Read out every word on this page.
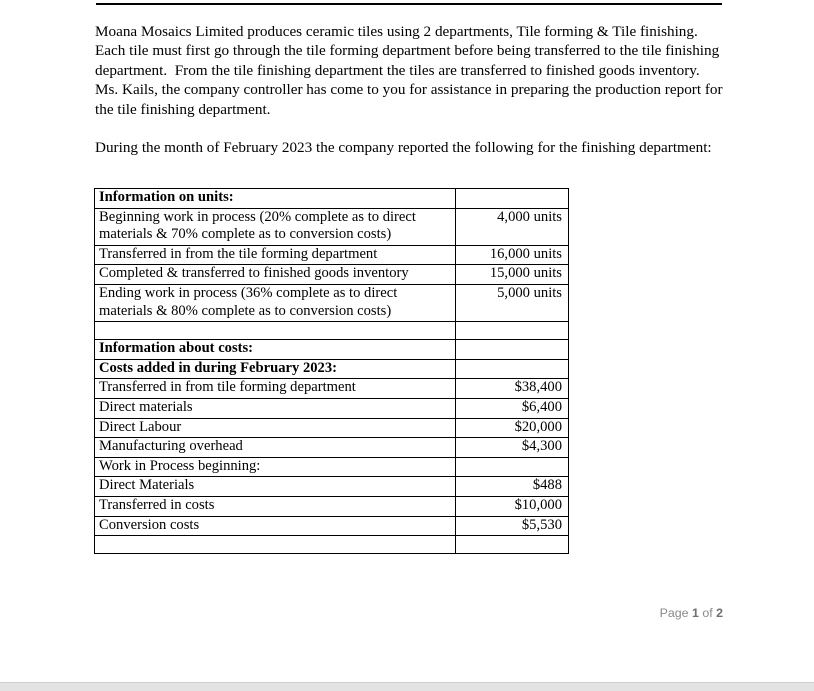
Moana Mosaics Limited produces ceramic tiles using 2 departments, Tile forming & Tile finishing.  Each tile must first go through the tile forming department before being transferred to the tile finishing department.  From the tile finishing department the tiles are transferred to finished goods inventory.  Ms. Kails, the company controller has come to you for assistance in preparing the production report for the tile finishing department.

During the month of February 2023 the company reported the following for the finishing department:

Information on units:	
Beginning work in process (20% complete as to direct materials & 70% complete as to conversion costs)	4,000 units
Transferred in from the tile forming department	16,000 units
Completed & transferred to finished goods inventory	15,000 units
Ending work in process (36% complete as to direct materials & 80% complete as to conversion costs)	5,000 units

Information about costs:	
Costs added in during February 2023:	
Transferred in from tile forming department	$38,400
Direct materials	$6,400
Direct Labour	$20,000
Manufacturing overhead	$4,300
Work in Process beginning:	
Direct Materials	$488
Transferred in costs	$10,000
Conversion costs	$5,530

Page 1 of 2
